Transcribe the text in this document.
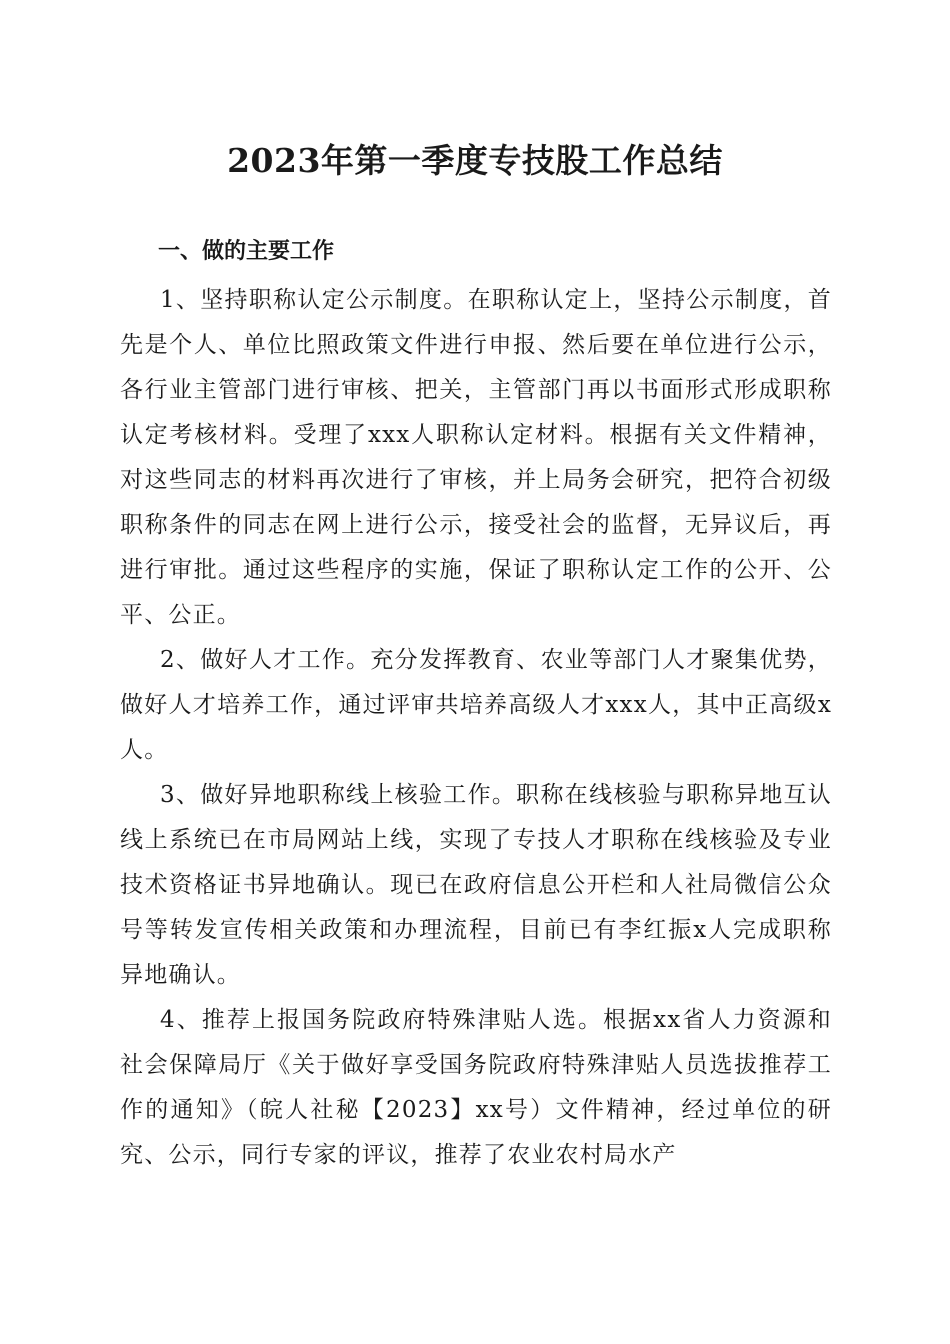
2023年第一季度专技股工作总结
一、做的主要工作

1、坚持职称认定公示制度。在职称认定上，坚持公示制度，首先是个人、单位比照政策文件进行申报、然后要在单位进行公示，各行业主管部门进行审核、把关，主管部门再以书面形式形成职称认定考核材料。受理了xxx人职称认定材料。根据有关文件精神，对这些同志的材料再次进行了审核，并上局务会研究，把符合初级职称条件的同志在网上进行公示，接受社会的监督，无异议后，再进行审批。通过这些程序的实施，保证了职称认定工作的公开、公平、公正。

2、做好人才工作。充分发挥教育、农业等部门人才聚集优势，做好人才培养工作，通过评审共培养高级人才xxx人，其中正高级x人。

3、做好异地职称线上核验工作。职称在线核验与职称异地互认线上系统已在市局网站上线，实现了专技人才职称在线核验及专业技术资格证书异地确认。现已在政府信息公开栏和人社局微信公众号等转发宣传相关政策和办理流程，目前已有李红振x人完成职称异地确认。

4、推荐上报国务院政府特殊津贴人选。根据xx省人力资源和社会保障局厅《关于做好享受国务院政府特殊津贴人员选拔推荐工作的通知》（皖人社秘【2023】xx号）文件精神，经过单位的研究、公示，同行专家的评议，推荐了农业农村局水产
